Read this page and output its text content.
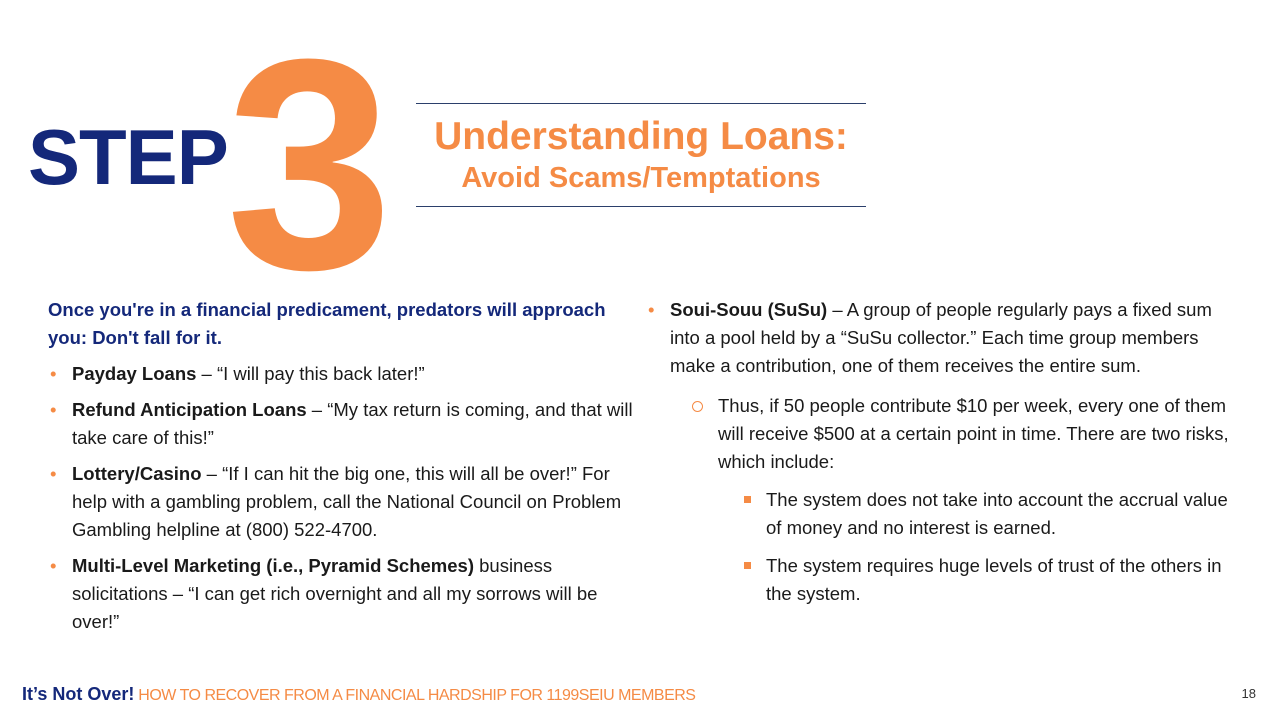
STEP
3	Understanding Loans:
Avoid Scams/Temptations

Once you're in a financial predicament, predators will approach you: Don't fall for it.

• Payday Loans – “I will pay this back later!”
• Refund Anticipation Loans – “My tax return is coming, and that will take care of this!”
• Lottery/Casino – “If I can hit the big one, this will all be over!” For help with a gambling problem, call the National Council on Problem Gambling helpline at (800) 522-4700.
• Multi-Level Marketing (i.e., Pyramid Schemes) business solicitations – “I can get rich overnight and all my sorrows will be over!”
• Soui-Souu (SuSu) – A group of people regularly pays a fixed sum into a pool held by a “SuSu collector.” Each time group members make a contribution, one of them receives the entire sum.
Thus, if 50 people contribute $10 per week, every one of them will receive $500 at a certain point in time. There are two risks, which include:
The system does not take into account the accrual value of money and no interest is earned.
The system requires huge levels of trust of the others in the system.
It’s Not Over! HOW TO RECOVER FROM A FINANCIAL HARDSHIP FOR 1199SEIU MEMBERS	18
